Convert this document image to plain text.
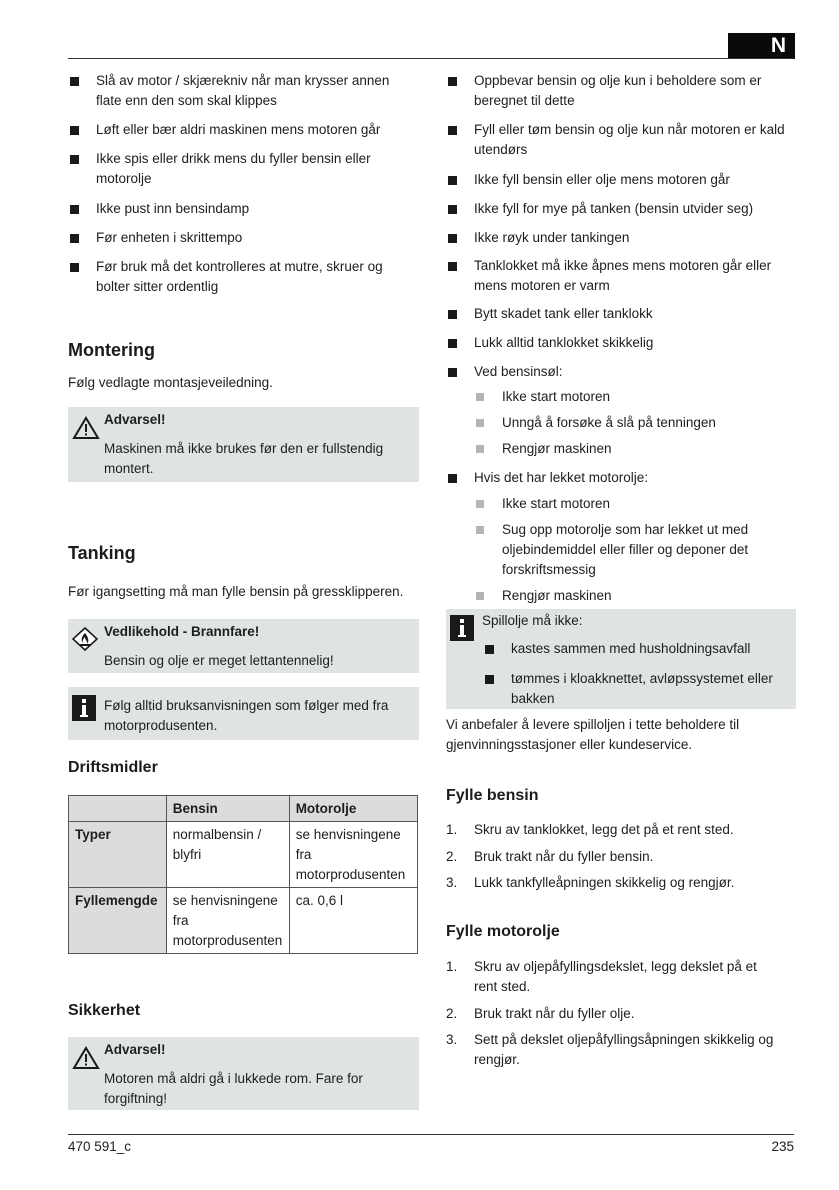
N
470 591_c	235
Slå av motor / skjærekniv når man krysser annen flate enn den som skal klippes
Løft eller bær aldri maskinen mens motoren går
Ikke spis eller drikk mens du fyller bensin eller motorolje
Ikke pust inn bensindamp
Før enheten i skrittempo
Før bruk må det kontrolleres at mutre, skruer og bolter sitter ordentlig
Montering
Følg vedlagte montasjeveiledning.
Advarsel!
Maskinen må ikke brukes før den er fullstendig montert.
Tanking
Før igangsetting må man fylle bensin på gressklipperen.
Vedlikehold - Brannfare!
Bensin og olje er meget lettantennelig!
Følg alltid bruksanvisningen som følger med fra motorprodusenten.
Driftsmidler
	Bensin	Motorolje
Typer	normalbensin / blyfri	se henvisningene fra motorprodusenten
Fyllemengde	se henvisningene fra motorprodusenten	ca. 0,6 l
Sikkerhet
Advarsel!
Motoren må aldri gå i lukkede rom. Fare for forgiftning!
Oppbevar bensin og olje kun i beholdere som er beregnet til dette
Fyll eller tøm bensin og olje kun når motoren er kald utendørs
Ikke fyll bensin eller olje mens motoren går
Ikke fyll for mye på tanken (bensin utvider seg)
Ikke røyk under tankingen
Tanklokket må ikke åpnes mens motoren går eller mens motoren er varm
Bytt skadet tank eller tanklokk
Lukk alltid tanklokket skikkelig
Ved bensinsøl:
Ikke start motoren
Unngå å forsøke å slå på tenningen
Rengjør maskinen
Hvis det har lekket motorolje:
Ikke start motoren
Sug opp motorolje som har lekket ut med oljebindemiddel eller filler og deponer det forskriftsmessig
Rengjør maskinen
Spillolje må ikke:
kastes sammen med husholdningsavfall
tømmes i kloakknettet, avløpssystemet eller bakken
Vi anbefaler å levere spilloljen i tette beholdere til gjenvinningsstasjoner eller kundeservice.
Fylle bensin
1. Skru av tanklokket, legg det på et rent sted.
2. Bruk trakt når du fyller bensin.
3. Lukk tankfylleåpningen skikkelig og rengjør.
Fylle motorolje
1. Skru av oljepåfyllingsdekslet, legg dekslet på et rent sted.
2. Bruk trakt når du fyller olje.
3. Sett på dekslet oljepåfyllingsåpningen skikkelig og rengjør.
